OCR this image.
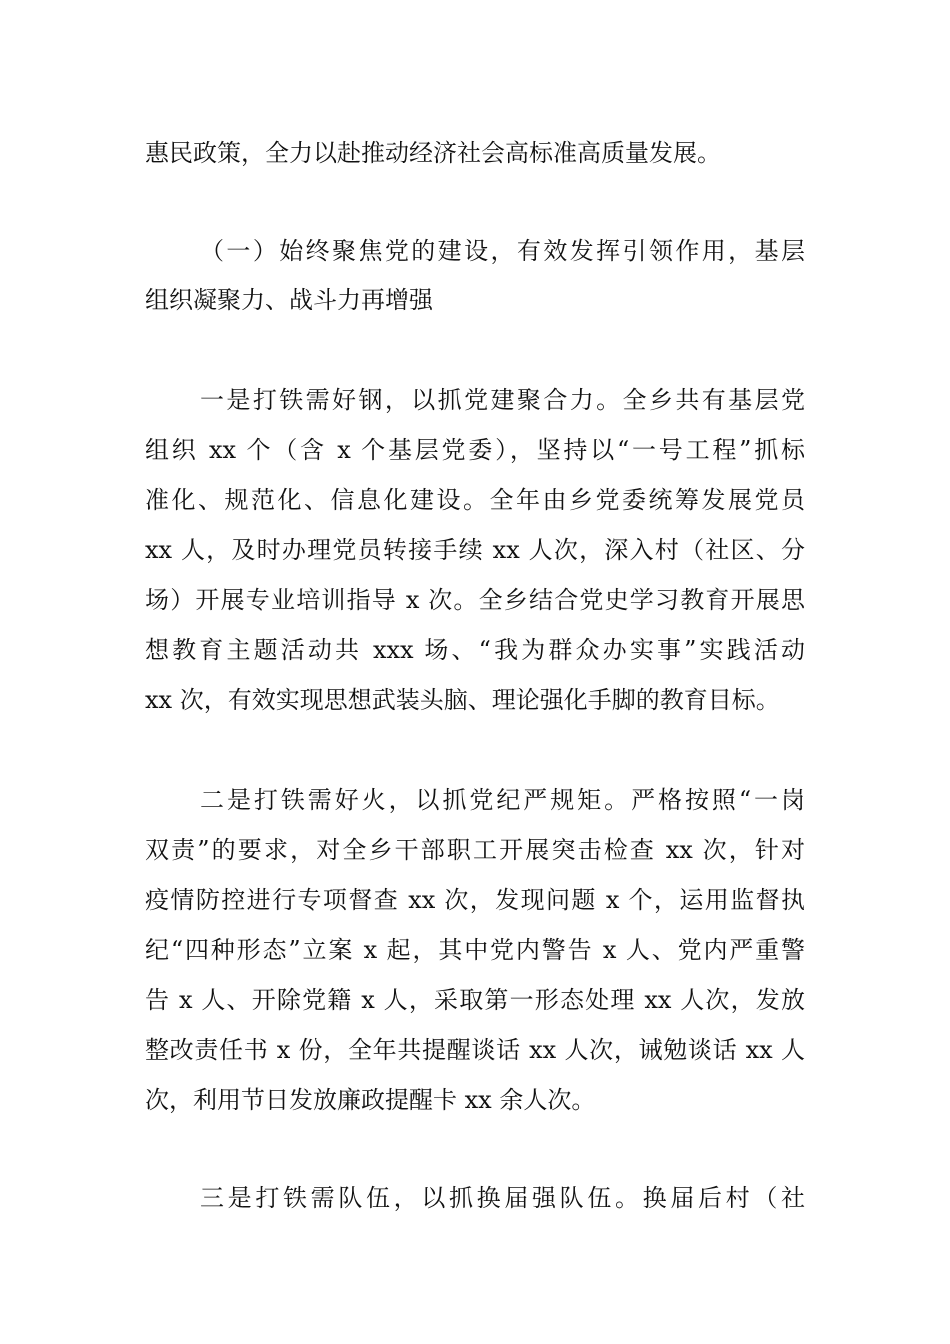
惠民政策，全力以赴推动经济社会高标准高质量发展。
（一）始终聚焦党的建设，有效发挥引领作用，基层
组织凝聚力、战斗力再增强
一是打铁需好钢，以抓党建聚合力。全乡共有基层党
组织 xx 个（含 x 个基层党委），坚持以“一号工程”抓标
准化、规范化、信息化建设。全年由乡党委统筹发展党员
xx 人，及时办理党员转接手续 xx 人次，深入村（社区、分
场）开展专业培训指导 x 次。全乡结合党史学习教育开展思
想教育主题活动共 xxx 场、“我为群众办实事”实践活动
xx 次，有效实现思想武装头脑、理论强化手脚的教育目标。
二是打铁需好火，以抓党纪严规矩。严格按照“一岗
双责”的要求，对全乡干部职工开展突击检查 xx 次，针对
疫情防控进行专项督查 xx 次，发现问题 x 个，运用监督执
纪“四种形态”立案 x 起，其中党内警告 x 人、党内严重警
告 x 人、开除党籍 x 人，采取第一形态处理 xx 人次，发放
整改责任书 x 份，全年共提醒谈话 xx 人次，诫勉谈话 xx 人
次，利用节日发放廉政提醒卡 xx 余人次。
三是打铁需队伍，以抓换届强队伍。换届后村（社
